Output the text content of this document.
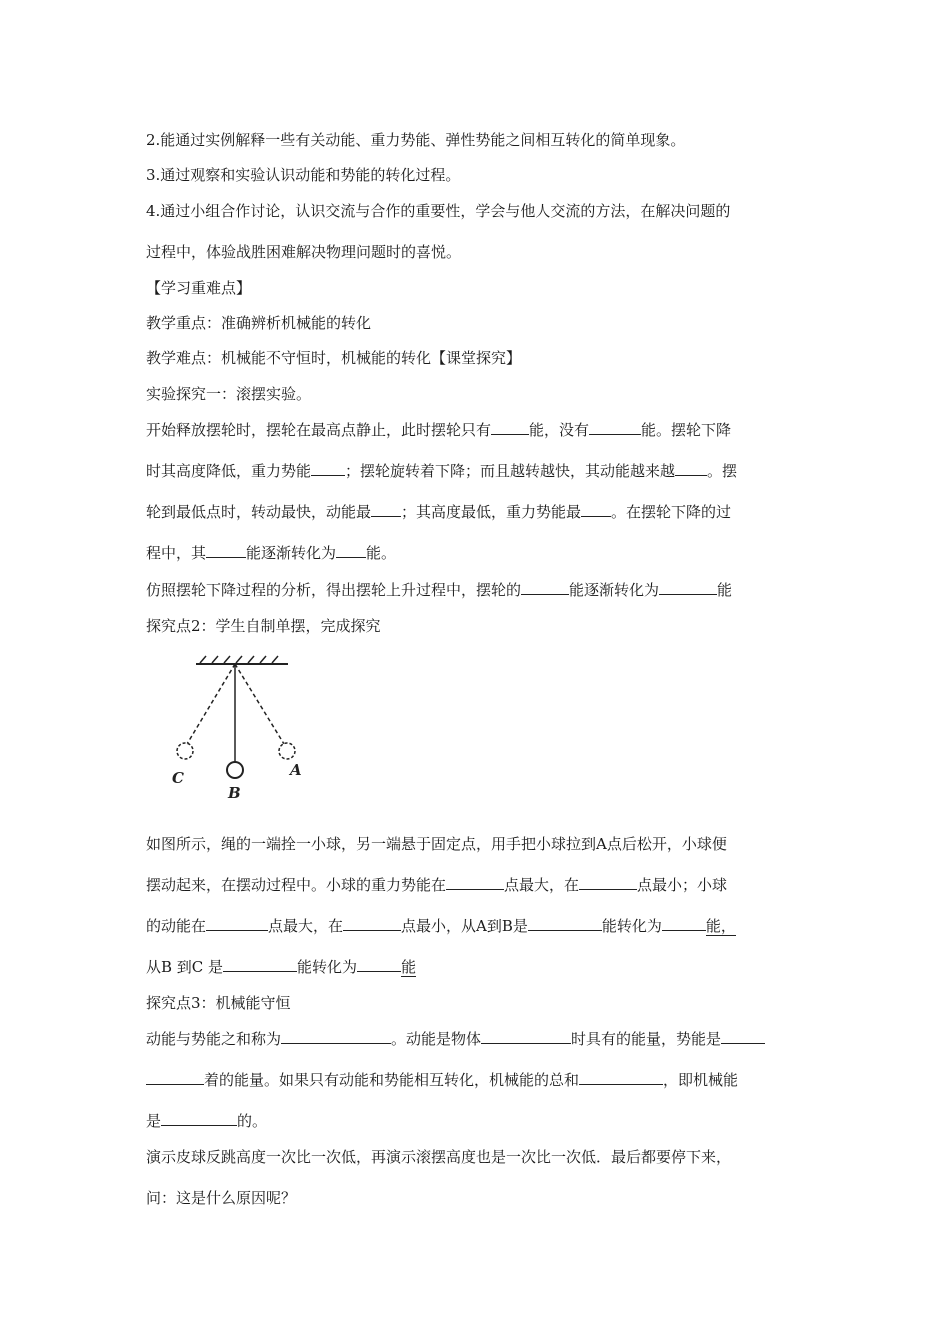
2.能通过实例解释一些有关动能、重力势能、弹性势能之间相互转化的简单现象。
3.通过观察和实验认识动能和势能的转化过程。
4.通过小组合作讨论，认识交流与合作的重要性，学会与他人交流的方法，在解决问题的
过程中，体验战胜困难解决物理问题时的喜悦。
【学习重难点】
教学重点：准确辨析机械能的转化
教学难点：机械能不守恒时，机械能的转化【课堂探究】
实验探究一：滚摆实验。
开始释放摆轮时，摆轮在最高点静止，此时摆轮只有	能，没有	能。摆轮下降
时其高度降低，重力势能 ；摆轮旋转着下降；而且越转越快，其动能越来越 。摆
轮到最低点时，转动最快，动能最 ；其高度最低，重力势能最 。在摆轮下降的过
程中，其	能逐渐转化为 能。
仿照摆轮下降过程的分析，得出摆轮上升过程中，摆轮的	能逐渐转化为	能
探究点2：学生自制单摆，完成探究
C
B
A
如图所示，绳的一端拴一小球，另一端悬于固定点，用手把小球拉到A点后松开，小球便
摆动起来，在摆动过程中。小球的重力势能在	点最大，在	点最小；小球
的动能在	点最大，在	点最小，从A到B是	能转化为	能，
从B 到C 是	能转化为	能
探究点3：机械能守恒
动能与势能之和称为	。动能是物体	时具有的能量，势能是
着的能量。如果只有动能和势能相互转化，机械能的总和	，即机械能
是	的。
演示皮球反跳高度一次比一次低，再演示滚摆高度也是一次比一次低．最后都要停下来，
问：这是什么原因呢？
